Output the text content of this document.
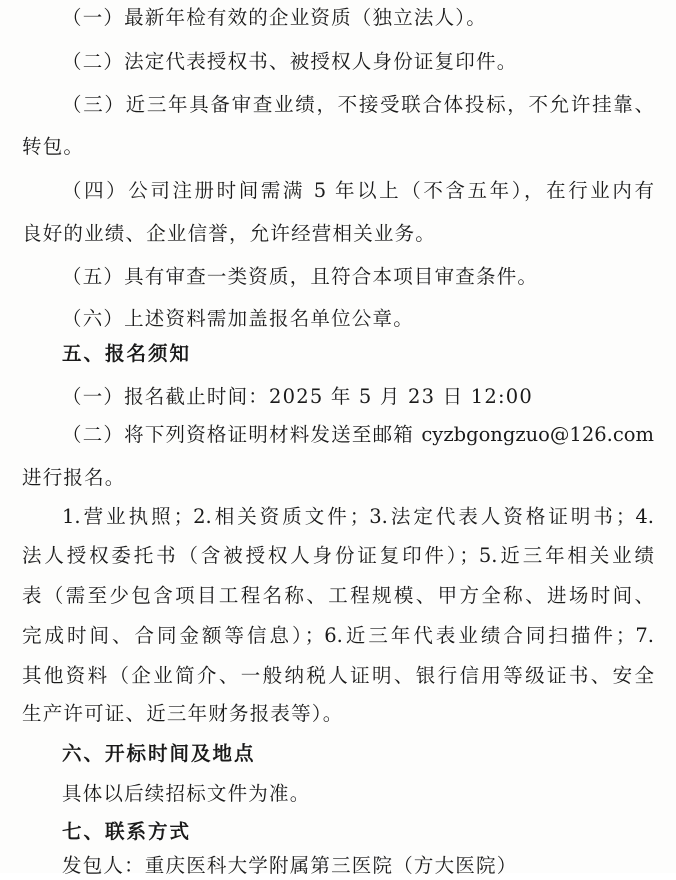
（一）最新年检有效的企业资质（独立法人）。
（二）法定代表授权书、被授权人身份证复印件。
（三）近三年具备审查业绩，不接受联合体投标，不允许挂靠、
转包。
（四）公司注册时间需满 5 年以上（不含五年），在行业内有
良好的业绩、企业信誉，允许经营相关业务。
（五）具有审查一类资质，且符合本项目审查条件。
（六）上述资料需加盖报名单位公章。
五、报名须知
（一）报名截止时间：2025 年 5 月 23 日 12:00
（二）将下列资格证明材料发送至邮箱 cyzbgongzuo@126.com
进行报名。
1.营业执照；2.相关资质文件；3.法定代表人资格证明书；4.
法人授权委托书（含被授权人身份证复印件）；5.近三年相关业绩
表（需至少包含项目工程名称、工程规模、甲方全称、进场时间、
完成时间、合同金额等信息）；6.近三年代表业绩合同扫描件；7.
其他资料（企业简介、一般纳税人证明、银行信用等级证书、安全
生产许可证、近三年财务报表等）。
六、开标时间及地点
具体以后续招标文件为准。
七、联系方式
发包人：重庆医科大学附属第三医院（方大医院）
